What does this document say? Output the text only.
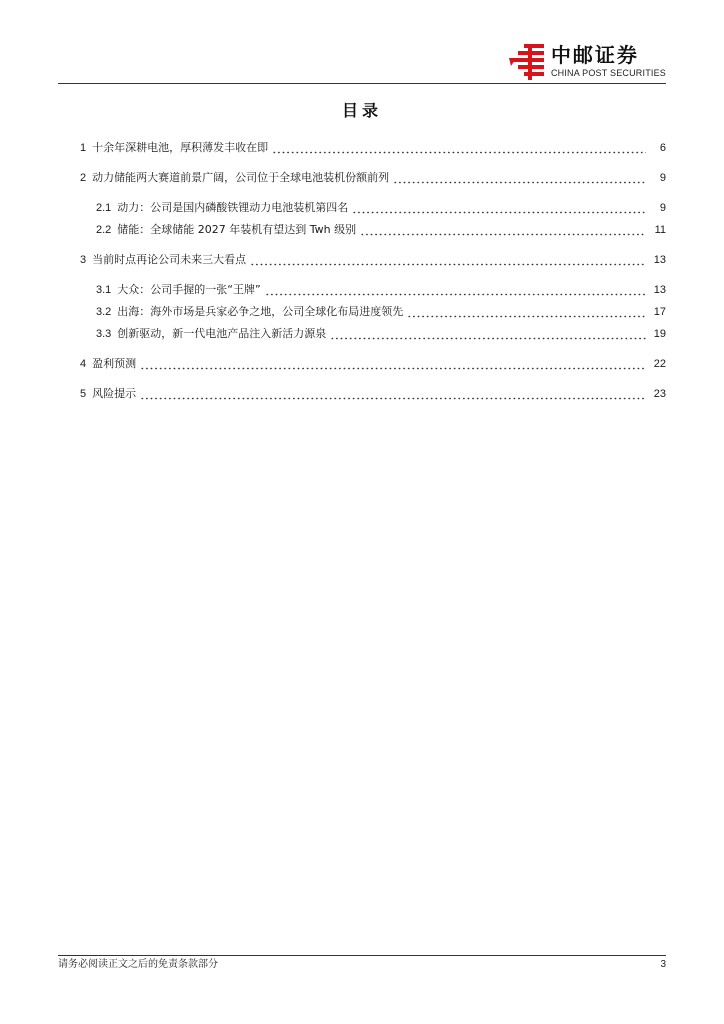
中邮证券
CHINA POST SECURITIES
目录
1 十余年深耕电池，厚积薄发丰收在即	6
2 动力储能两大赛道前景广阔，公司位于全球电池装机份额前列	9
2.1 动力：公司是国内磷酸铁锂动力电池装机第四名	9
2.2 储能：全球储能 2027 年装机有望达到 Twh 级别	11
3 当前时点再论公司未来三大看点	13
3.1 大众：公司手握的一张“王牌”	13
3.2 出海：海外市场是兵家必争之地，公司全球化布局进度领先	17
3.3 创新驱动，新一代电池产品注入新活力源泉	19
4 盈利预测	22
5 风险提示	23
请务必阅读正文之后的免责条款部分	3
